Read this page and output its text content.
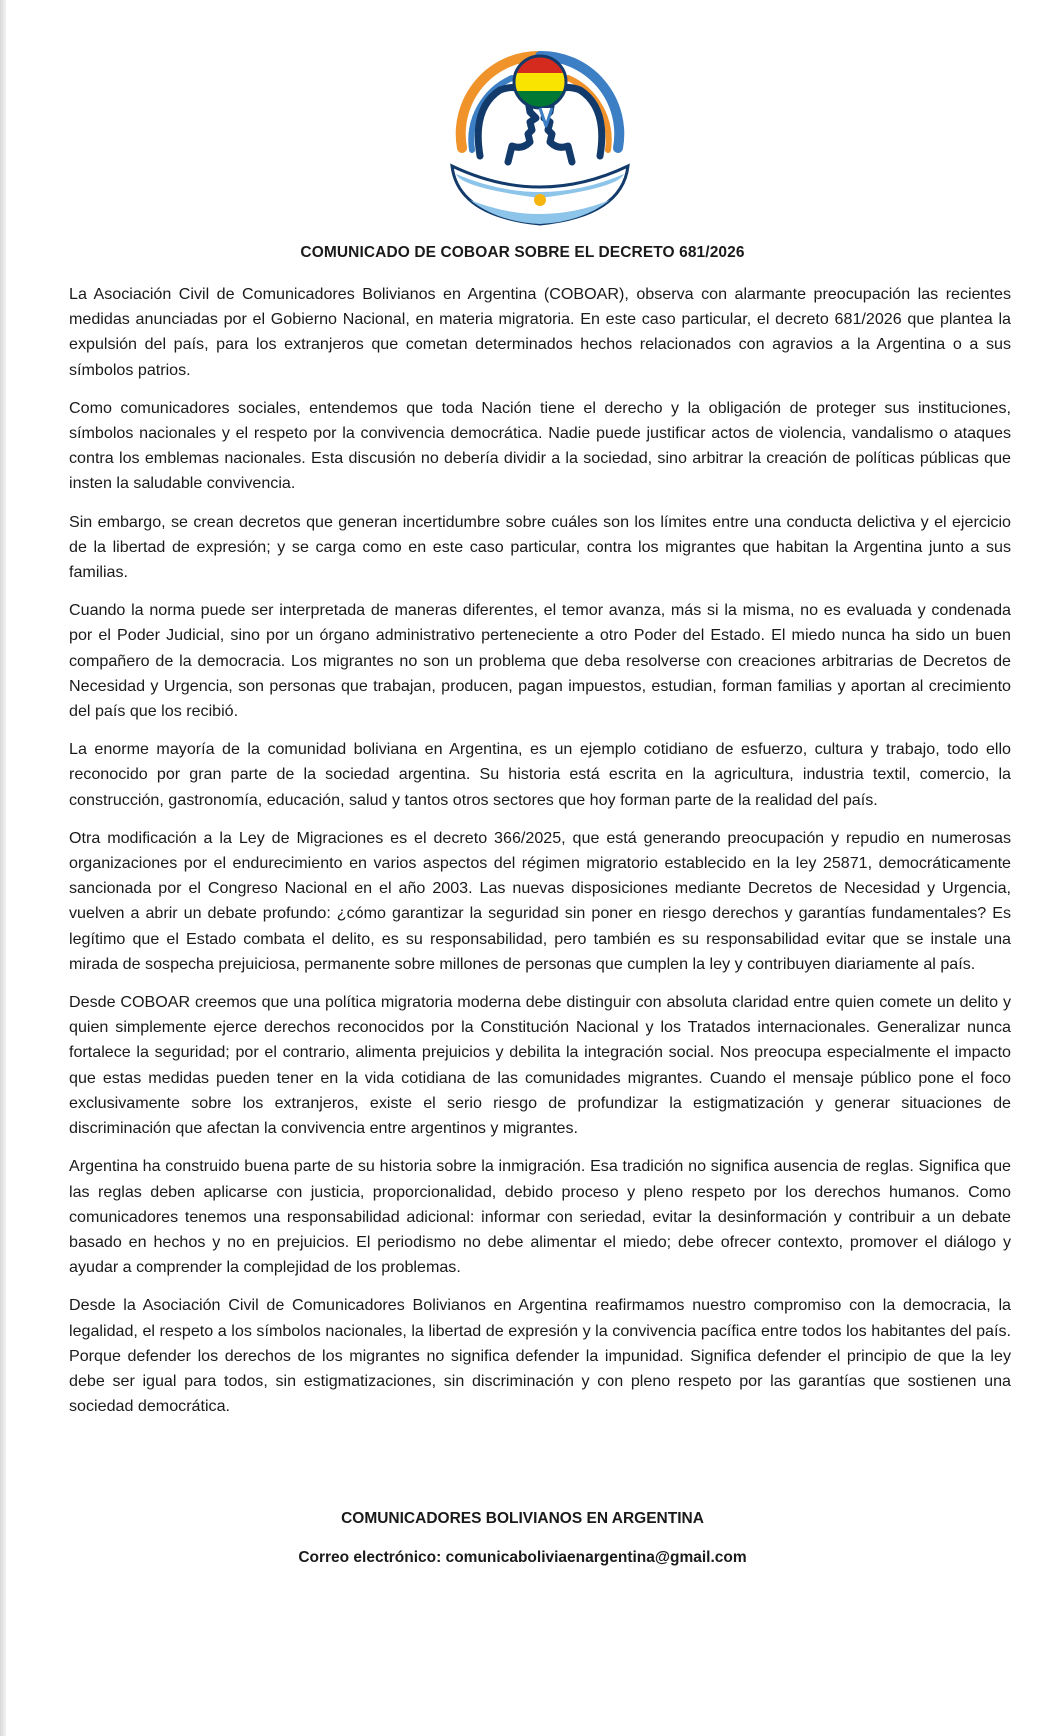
COMUNICADO DE COBOAR SOBRE EL DECRETO 681/2026

La Asociación Civil de Comunicadores Bolivianos en Argentina (COBOAR), observa con alarmante preocupación las recientes medidas anunciadas por el Gobierno Nacional, en materia migratoria. En este caso particular, el decreto 681/2026 que plantea la expulsión del país, para los extranjeros que cometan determinados hechos relacionados con agravios a la Argentina o a sus símbolos patrios.

Como comunicadores sociales, entendemos que toda Nación tiene el derecho y la obligación de proteger sus instituciones, símbolos nacionales y el respeto por la convivencia democrática. Nadie puede justificar actos de violencia, vandalismo o ataques contra los emblemas nacionales. Esta discusión no debería dividir a la sociedad, sino arbitrar la creación de políticas públicas que insten la saludable convivencia.

Sin embargo, se crean decretos que generan incertidumbre sobre cuáles son los límites entre una conducta delictiva y el ejercicio de la libertad de expresión; y se carga como en este caso particular, contra los migrantes que habitan la Argentina junto a sus familias.

Cuando la norma puede ser interpretada de maneras diferentes, el temor avanza, más si la misma, no es evaluada y condenada por el Poder Judicial, sino por un órgano administrativo perteneciente a otro Poder del Estado. El miedo nunca ha sido un buen compañero de la democracia. Los migrantes no son un problema que deba resolverse con creaciones arbitrarias de Decretos de Necesidad y Urgencia, son personas que trabajan, producen, pagan impuestos, estudian, forman familias y aportan al crecimiento del país que los recibió.

La enorme mayoría de la comunidad boliviana en Argentina, es un ejemplo cotidiano de esfuerzo, cultura y trabajo, todo ello reconocido por gran parte de la sociedad argentina. Su historia está escrita en la agricultura, industria textil, comercio, la construcción, gastronomía, educación, salud y tantos otros sectores que hoy forman parte de la realidad del país.

Otra modificación a la Ley de Migraciones es el decreto 366/2025, que está generando preocupación y repudio en numerosas organizaciones por el endurecimiento en varios aspectos del régimen migratorio establecido en la ley 25871, democráticamente sancionada por el Congreso Nacional en el año 2003. Las nuevas disposiciones mediante Decretos de Necesidad y Urgencia, vuelven a abrir un debate profundo: ¿cómo garantizar la seguridad sin poner en riesgo derechos y garantías fundamentales? Es legítimo que el Estado combata el delito, es su responsabilidad, pero también es su responsabilidad evitar que se instale una mirada de sospecha prejuiciosa, permanente sobre millones de personas que cumplen la ley y contribuyen diariamente al país.

Desde COBOAR creemos que una política migratoria moderna debe distinguir con absoluta claridad entre quien comete un delito y quien simplemente ejerce derechos reconocidos por la Constitución Nacional y los Tratados internacionales. Generalizar nunca fortalece la seguridad; por el contrario, alimenta prejuicios y debilita la integración social. Nos preocupa especialmente el impacto que estas medidas pueden tener en la vida cotidiana de las comunidades migrantes. Cuando el mensaje público pone el foco exclusivamente sobre los extranjeros, existe el serio riesgo de profundizar la estigmatización y generar situaciones de discriminación que afectan la convivencia entre argentinos y migrantes.

Argentina ha construido buena parte de su historia sobre la inmigración. Esa tradición no significa ausencia de reglas. Significa que las reglas deben aplicarse con justicia, proporcionalidad, debido proceso y pleno respeto por los derechos humanos. Como comunicadores tenemos una responsabilidad adicional: informar con seriedad, evitar la desinformación y contribuir a un debate basado en hechos y no en prejuicios. El periodismo no debe alimentar el miedo; debe ofrecer contexto, promover el diálogo y ayudar a comprender la complejidad de los problemas.

Desde la Asociación Civil de Comunicadores Bolivianos en Argentina reafirmamos nuestro compromiso con la democracia, la legalidad, el respeto a los símbolos nacionales, la libertad de expresión y la convivencia pacífica entre todos los habitantes del país. Porque defender los derechos de los migrantes no significa defender la impunidad. Significa defender el principio de que la ley debe ser igual para todos, sin estigmatizaciones, sin discriminación y con pleno respeto por las garantías que sostienen una sociedad democrática.

COMUNICADORES BOLIVIANOS EN ARGENTINA
Correo electrónico: comunicaboliviaenargentina@gmail.com
